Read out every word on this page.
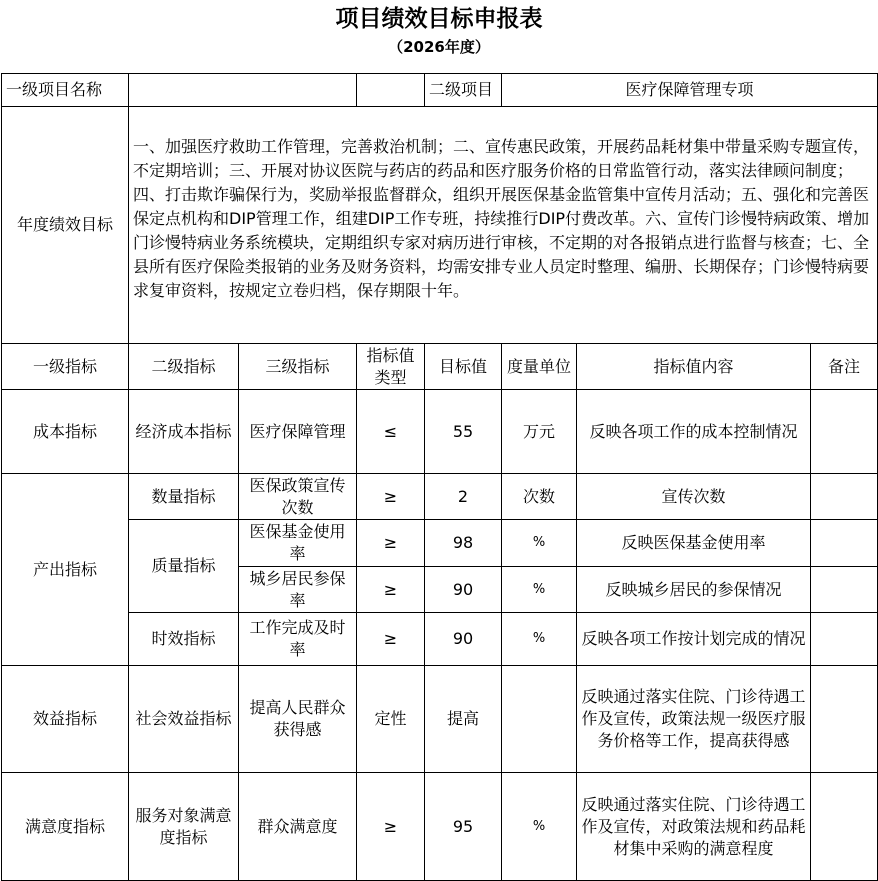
项目绩效目标申报表
（2026年度）
一级项目名称				二级项目	医疗保障管理专项		
年度绩效目标	一、加强医疗救助工作管理，完善救治机制；二、宣传惠民政策，开展药品耗材集中带量采购专题宣传，不定期培训；三、开展对协议医院与药店的药品和医疗服务价格的日常监管行动，落实法律顾问制度；四、打击欺诈骗保行为，奖励举报监督群众，组织开展医保基金监管集中宣传月活动；五、强化和完善医保定点机构和DIP管理工作，组建DIP工作专班，持续推行DIP付费改革。六、宣传门诊慢特病政策、增加门诊慢特病业务系统模块，定期组织专家对病历进行审核，不定期的对各报销点进行监督与核查；七、全县所有医疗保险类报销的业务及财务资料，均需安排专业人员定时整理、编册、长期保存；门诊慢特病要求复审资料，按规定立卷归档，保存期限十年。						
一级指标	二级指标	三级指标	指标值类型	目标值	度量单位	指标值内容	备注
成本指标	经济成本指标	医疗保障管理	≤	55	万元	反映各项工作的成本控制情况	
产出指标	数量指标	医保政策宣传次数	≥	2	次数	宣传次数	
	质量指标	医保基金使用率	≥	98	%	反映医保基金使用率	
		城乡居民参保率	≥	90	%	反映城乡居民的参保情况	
	时效指标	工作完成及时率	≥	90	%	反映各项工作按计划完成的情况	
效益指标	社会效益指标	提高人民群众获得感	定性	提高		反映通过落实住院、门诊待遇工作及宣传，政策法规一级医疗服务价格等工作，提高获得感	
满意度指标	服务对象满意度指标	群众满意度	≥	95	%	反映通过落实住院、门诊待遇工作及宣传，对政策法规和药品耗材集中采购的满意程度	
